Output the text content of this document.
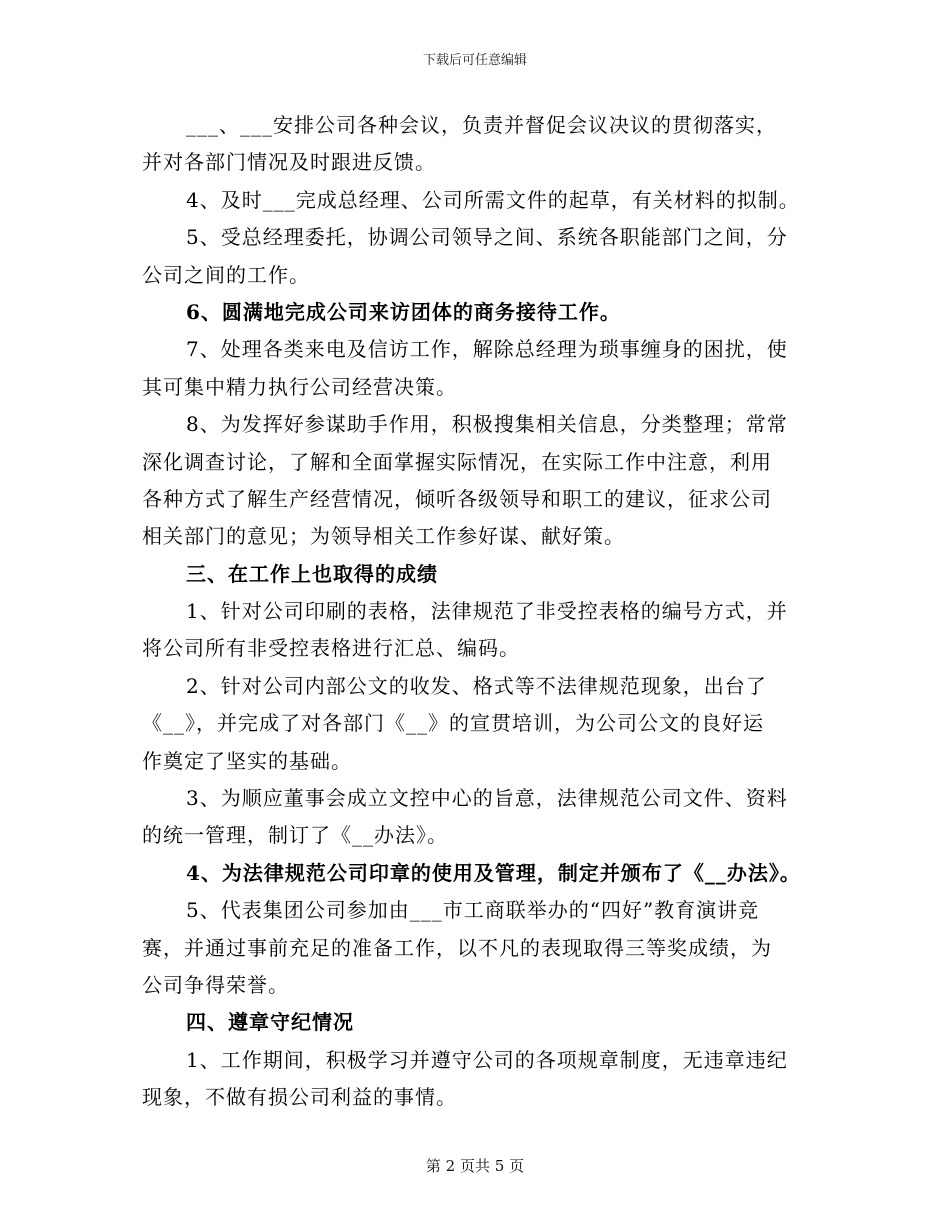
下载后可任意编辑

___、___安排公司各种会议，负责并督促会议决议的贯彻落实，

并对各部门情况及时跟进反馈。

4、及时___完成总经理、公司所需文件的起草，有关材料的拟制。

5、受总经理委托，协调公司领导之间、系统各职能部门之间，分

公司之间的工作。

6、圆满地完成公司来访团体的商务接待工作。

7、处理各类来电及信访工作，解除总经理为琐事缠身的困扰，使

其可集中精力执行公司经营决策。

8、为发挥好参谋助手作用，积极搜集相关信息，分类整理；常常

深化调查讨论，了解和全面掌握实际情况，在实际工作中注意，利用

各种方式了解生产经营情况，倾听各级领导和职工的建议，征求公司

相关部门的意见；为领导相关工作参好谋、献好策。

三、在工作上也取得的成绩

1、针对公司印刷的表格，法律规范了非受控表格的编号方式，并

将公司所有非受控表格进行汇总、编码。

2、针对公司内部公文的收发、格式等不法律规范现象，出台了

《__》，并完成了对各部门《__》的宣贯培训，为公司公文的良好运

作奠定了坚实的基础。

3、为顺应董事会成立文控中心的旨意，法律规范公司文件、资料

的统一管理，制订了《__办法》。

4、为法律规范公司印章的使用及管理，制定并颁布了《__办法》。

5、代表集团公司参加由___市工商联举办的“四好”教育演讲竞

赛，并通过事前充足的准备工作，以不凡的表现取得三等奖成绩，为

公司争得荣誉。

四、遵章守纪情况

1、工作期间，积极学习并遵守公司的各项规章制度，无违章违纪

现象，不做有损公司利益的事情。

第 2 页共 5 页
